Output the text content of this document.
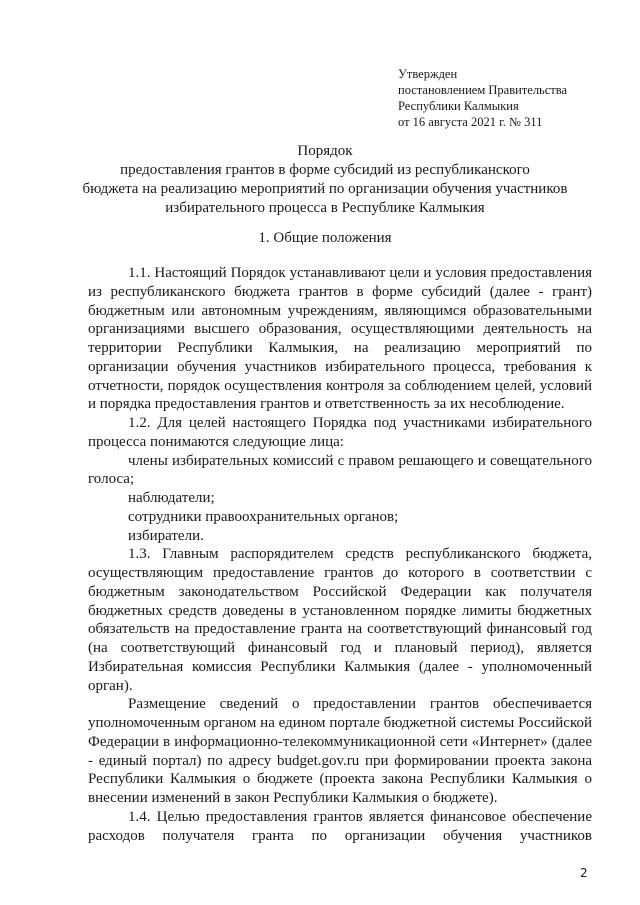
Утвержден
постановлением Правительства
Республики Калмыкия
от 16 августа 2021 г. № 311
Порядок
предоставления грантов в форме субсидий из республиканского
бюджета на реализацию мероприятий по организации обучения участников
избирательного процесса в Республике Калмыкия
1. Общие положения

1.1. Настоящий Порядок устанавливают цели и условия предоставления из республиканского бюджета грантов в форме субсидий (далее - грант) бюджетным или автономным учреждениям, являющимся образовательными организациями высшего образования, осуществляющими деятельность на территории Республики Калмыкия, на реализацию мероприятий по организации обучения участников избирательного процесса, требования к отчетности, порядок осуществления контроля за соблюдением целей, условий и порядка предоставления грантов и ответственность за их несоблюдение.

1.2. Для целей настоящего Порядка под участниками избирательного процесса понимаются следующие лица:

члены избирательных комиссий с правом решающего и совещательного голоса;

наблюдатели;

сотрудники правоохранительных органов;

избиратели.

1.3. Главным распорядителем средств республиканского бюджета, осуществляющим предоставление грантов до которого в соответствии с бюджетным законодательством Российской Федерации как получателя бюджетных средств доведены в установленном порядке лимиты бюджетных обязательств на предоставление гранта на соответствующий финансовый год (на соответствующий финансовый год и плановый период), является Избирательная комиссия Республики Калмыкия (далее - уполномоченный орган).

Размещение сведений о предоставлении грантов обеспечивается уполномоченным органом на едином портале бюджетной системы Российской Федерации в информационно-телекоммуникационной сети «Интернет» (далее - единый портал) по адресу budget.gov.ru при формировании проекта закона Республики Калмыкия о бюджете (проекта закона Республики Калмыкия о внесении изменений в закон Республики Калмыкия о бюджете).

1.4. Целью предоставления грантов является финансовое обеспечение расходов получателя гранта по организации обучения участников

2
